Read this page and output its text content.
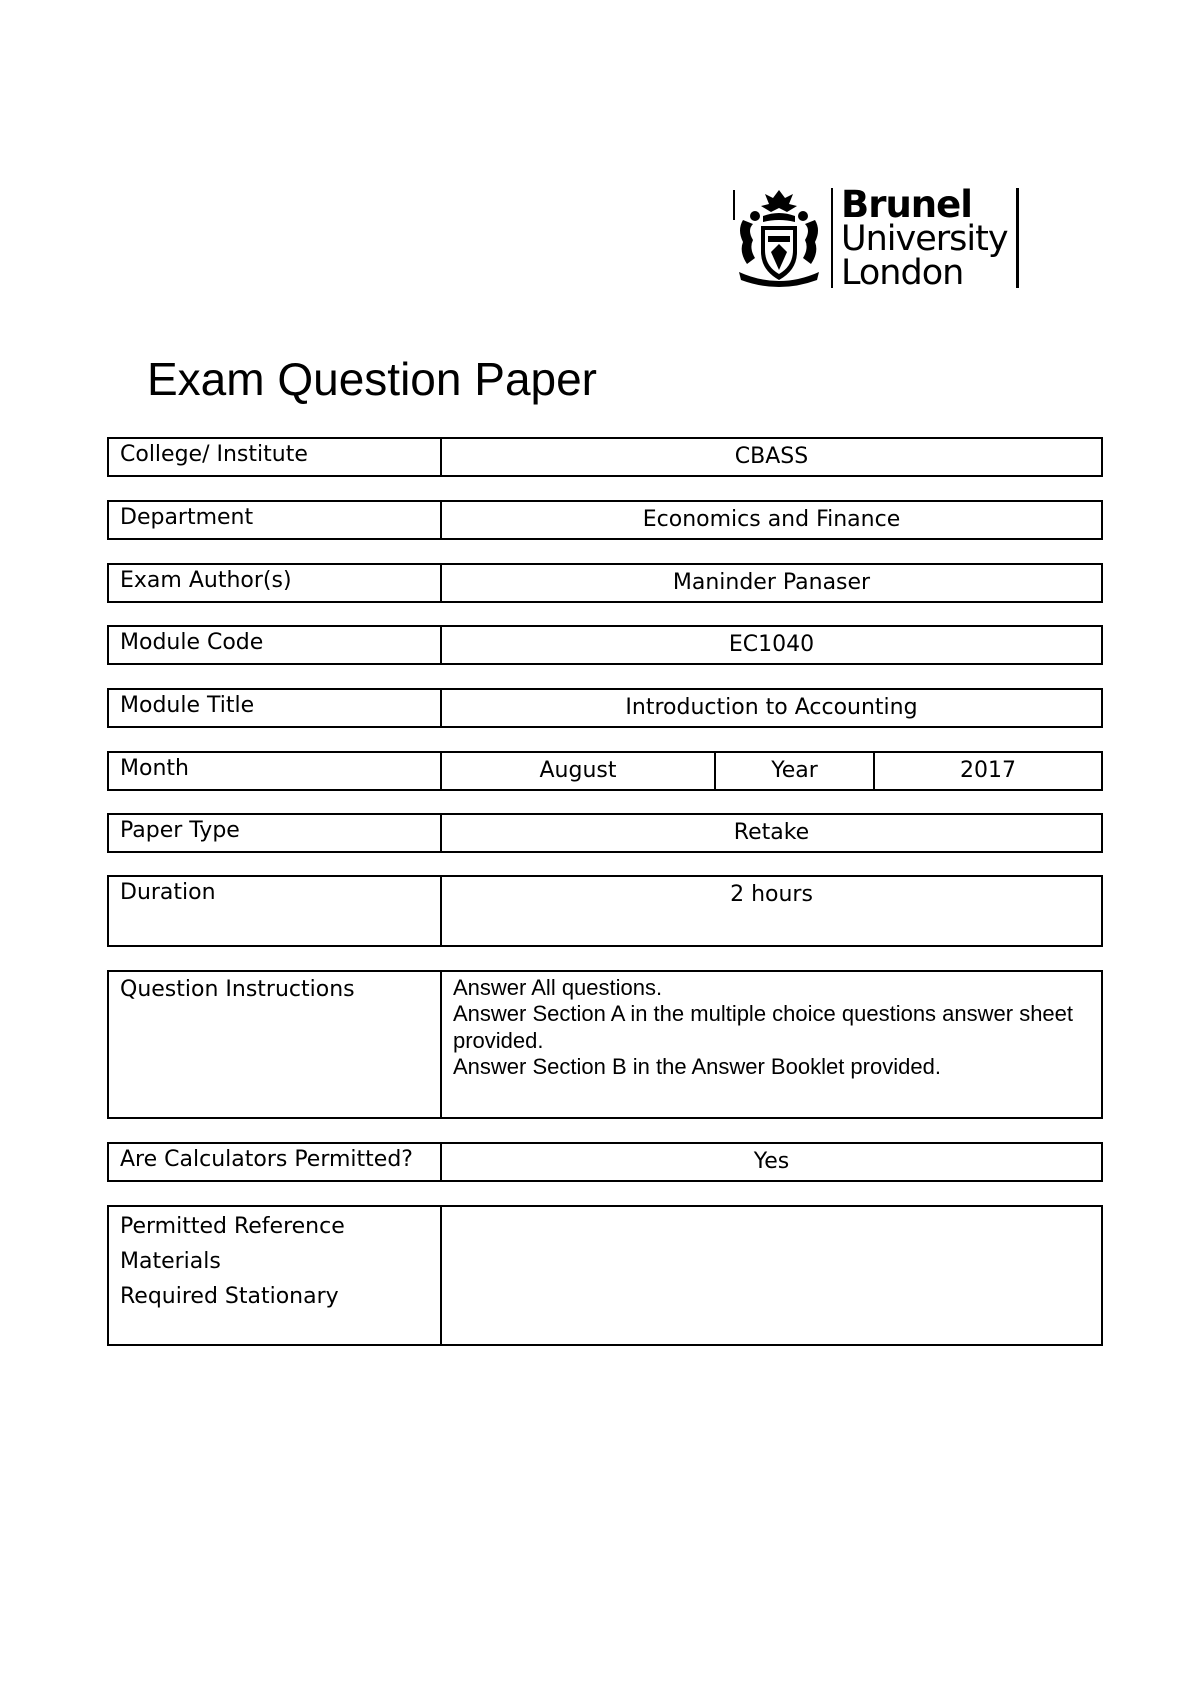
Brunel
University
London
Exam Question Paper
College/ Institute	CBASS
Department	Economics and Finance
Exam Author(s)	Maninder Panaser
Module Code	EC1040
Module Title	Introduction to Accounting
Month	August	Year	2017
Paper Type	Retake
Duration	2 hours
Question Instructions	Answer All questions.
Answer Section A in the multiple choice questions answer sheet provided.
Answer Section B in the Answer Booklet provided.
Are Calculators Permitted?	Yes
Permitted Reference Materials
Required Stationary
